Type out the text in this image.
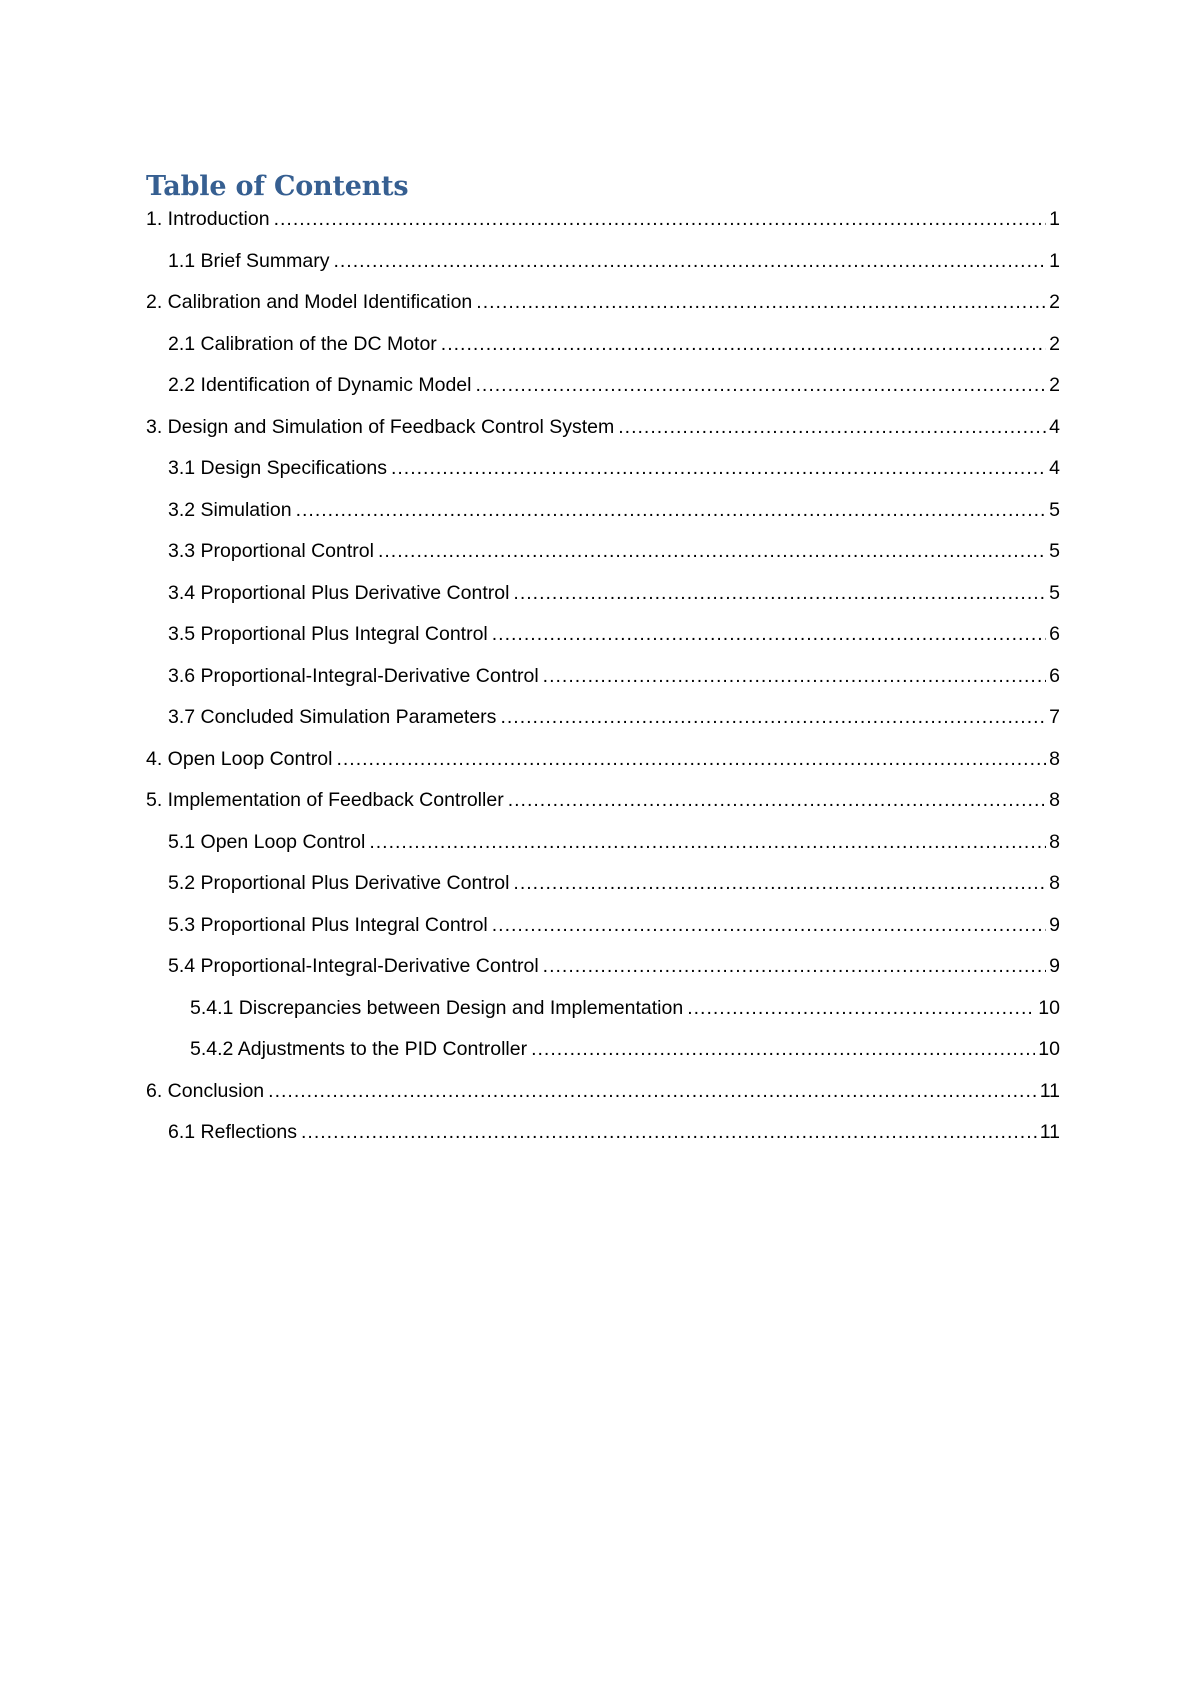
Table of Contents
1. Introduction .....	1
1.1 Brief Summary .....	1
2. Calibration and Model Identification .....	2
2.1 Calibration of the DC Motor .....	2
2.2 Identification of Dynamic Model .....	2
3. Design and Simulation of Feedback Control System .....	4
3.1 Design Specifications .....	4
3.2 Simulation .....	5
3.3 Proportional Control .....	5
3.4 Proportional Plus Derivative Control .....	5
3.5 Proportional Plus Integral Control .....	6
3.6 Proportional-Integral-Derivative Control .....	6
3.7 Concluded Simulation Parameters .....	7
4. Open Loop Control .....	8
5. Implementation of Feedback Controller .....	8
5.1 Open Loop Control .....	8
5.2 Proportional Plus Derivative Control .....	8
5.3 Proportional Plus Integral Control .....	9
5.4 Proportional-Integral-Derivative Control .....	9
5.4.1 Discrepancies between Design and Implementation .....	10
5.4.2 Adjustments to the PID Controller .....	10
6. Conclusion .....	11
6.1 Reflections .....	11
